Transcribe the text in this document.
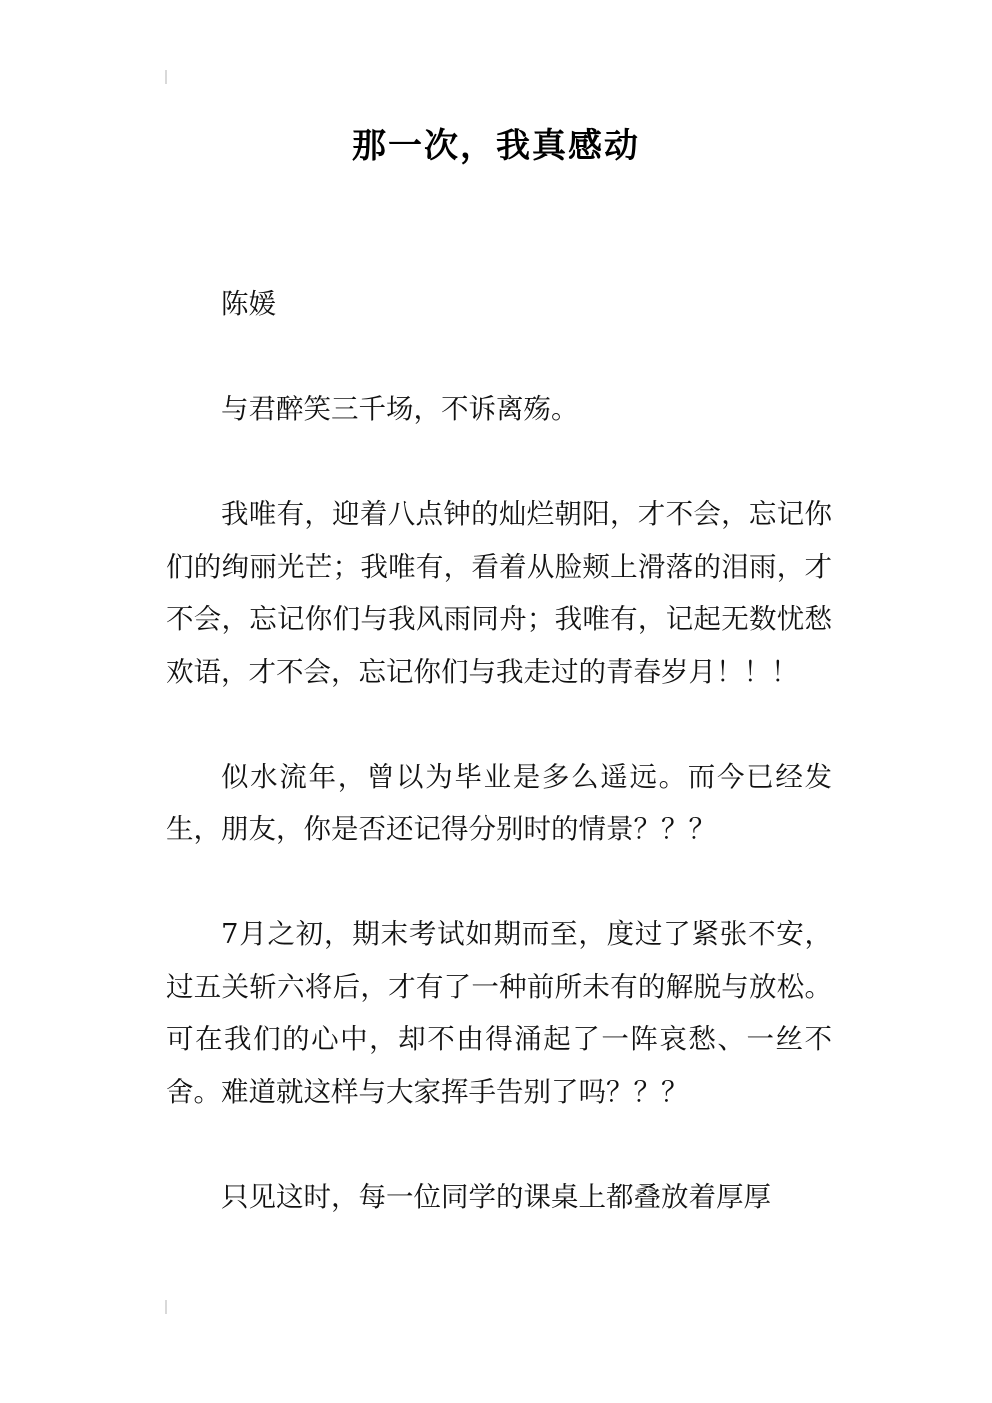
那一次，我真感动

陈媛

与君醉笑三千场，不诉离殇。

我唯有，迎着八点钟的灿烂朝阳，才不会，忘记你们的绚丽光芒；我唯有，看着从脸颊上滑落的泪雨，才不会，忘记你们与我风雨同舟；我唯有，记起无数忧愁欢语，才不会，忘记你们与我走过的青春岁月！！！

似水流年，曾以为毕业是多么遥远。而今已经发生，朋友，你是否还记得分别时的情景？？？

7月之初，期末考试如期而至，度过了紧张不安，过五关斩六将后，才有了一种前所未有的解脱与放松。可在我们的心中，却不由得涌起了一阵哀愁、一丝不舍。难道就这样与大家挥手告别了吗？？？

只见这时，每一位同学的课桌上都叠放着厚厚
